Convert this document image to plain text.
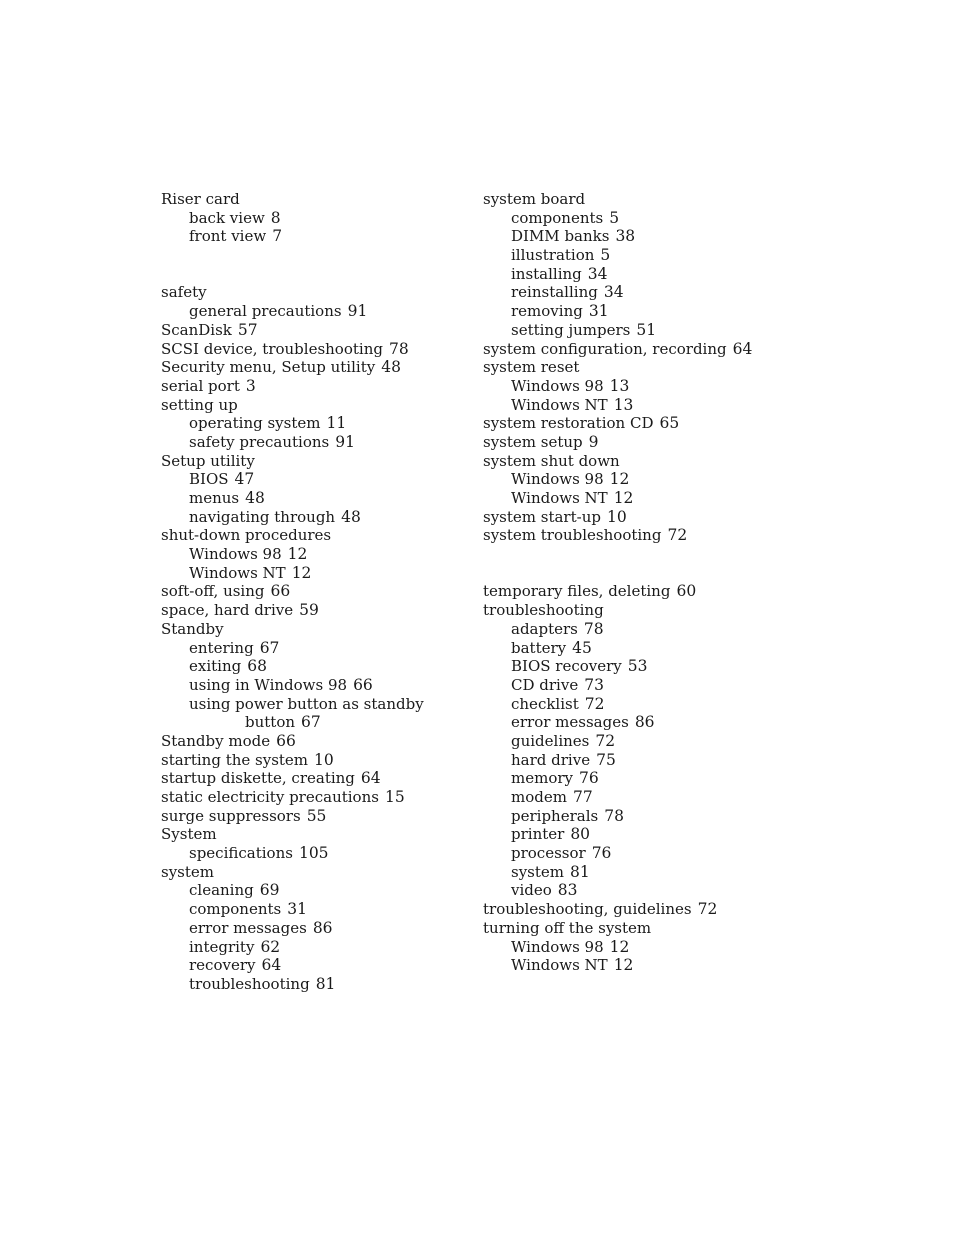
Riser card
back view 8
front view 7
safety
general precautions 91
ScanDisk 57
SCSI device, troubleshooting 78
Security menu, Setup utility 48
serial port 3
setting up
operating system 11
safety precautions 91
Setup utility
BIOS 47
menus 48
navigating through 48
shut-down procedures
Windows 98 12
Windows NT 12
soft-off, using 66
space, hard drive 59
Standby
entering 67
exiting 68
using in Windows 98 66
using power button as standby
button 67
Standby mode 66
starting the system 10
startup diskette, creating 64
static electricity precautions 15
surge suppressors 55
System
specifications 105
system
cleaning 69
components 31
error messages 86
integrity 62
recovery 64
troubleshooting 81
system board
components 5
DIMM banks 38
illustration 5
installing 34
reinstalling 34
removing 31
setting jumpers 51
system configuration, recording 64
system reset
Windows 98 13
Windows NT 13
system restoration CD 65
system setup 9
system shut down
Windows 98 12
Windows NT 12
system start-up 10
system troubleshooting 72
temporary files, deleting 60
troubleshooting
adapters 78
battery 45
BIOS recovery 53
CD drive 73
checklist 72
error messages 86
guidelines 72
hard drive 75
memory 76
modem 77
peripherals 78
printer 80
processor 76
system 81
video 83
troubleshooting, guidelines 72
turning off the system
Windows 98 12
Windows NT 12
